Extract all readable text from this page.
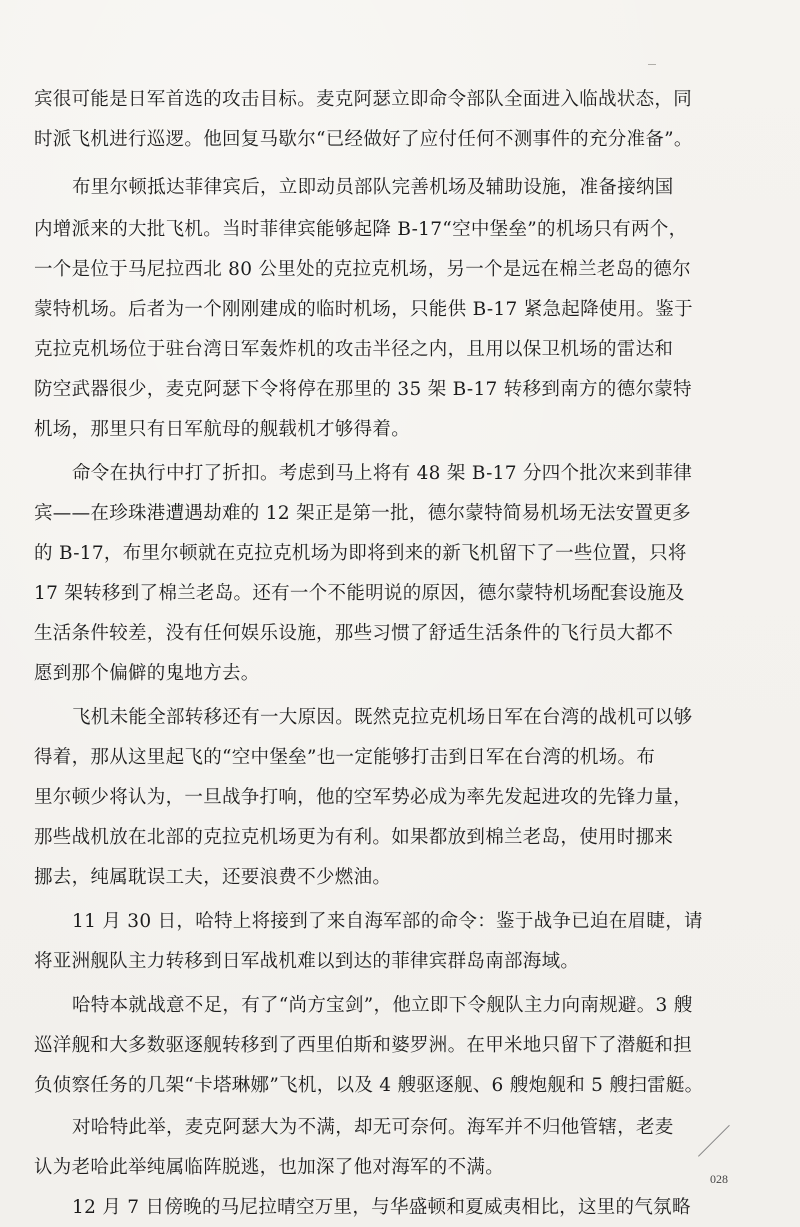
028
宾很可能是日军首选的攻击目标。麦克阿瑟立即命令部队全面进入临战状态，同
时派飞机进行巡逻。他回复马歇尔“已经做好了应付任何不测事件的充分准备”。
布里尔顿抵达菲律宾后，立即动员部队完善机场及辅助设施，准备接纳国
内增派来的大批飞机。当时菲律宾能够起降 B-17“空中堡垒”的机场只有两个，
一个是位于马尼拉西北 80 公里处的克拉克机场，另一个是远在棉兰老岛的德尔
蒙特机场。后者为一个刚刚建成的临时机场，只能供 B-17 紧急起降使用。鉴于
克拉克机场位于驻台湾日军轰炸机的攻击半径之内，且用以保卫机场的雷达和
防空武器很少，麦克阿瑟下令将停在那里的 35 架 B-17 转移到南方的德尔蒙特
机场，那里只有日军航母的舰载机才够得着。
命令在执行中打了折扣。考虑到马上将有 48 架 B-17 分四个批次来到菲律
宾——在珍珠港遭遇劫难的 12 架正是第一批，德尔蒙特简易机场无法安置更多
的 B-17，布里尔顿就在克拉克机场为即将到来的新飞机留下了一些位置，只将
17 架转移到了棉兰老岛。还有一个不能明说的原因，德尔蒙特机场配套设施及
生活条件较差，没有任何娱乐设施，那些习惯了舒适生活条件的飞行员大都不
愿到那个偏僻的鬼地方去。
飞机未能全部转移还有一大原因。既然克拉克机场日军在台湾的战机可以够
得着，那从这里起飞的“空中堡垒”也一定能够打击到日军在台湾的机场。布
里尔顿少将认为，一旦战争打响，他的空军势必成为率先发起进攻的先锋力量，
那些战机放在北部的克拉克机场更为有利。如果都放到棉兰老岛，使用时挪来
挪去，纯属耽误工夫，还要浪费不少燃油。
11 月 30 日，哈特上将接到了来自海军部的命令：鉴于战争已迫在眉睫，请
将亚洲舰队主力转移到日军战机难以到达的菲律宾群岛南部海域。
哈特本就战意不足，有了“尚方宝剑”，他立即下令舰队主力向南规避。3 艘
巡洋舰和大多数驱逐舰转移到了西里伯斯和婆罗洲。在甲米地只留下了潜艇和担
负侦察任务的几架“卡塔琳娜”飞机，以及 4 艘驱逐舰、6 艘炮舰和 5 艘扫雷艇。
对哈特此举，麦克阿瑟大为不满，却无可奈何。海军并不归他管辖，老麦
认为老哈此举纯属临阵脱逃，也加深了他对海军的不满。
12 月 7 日傍晚的马尼拉晴空万里，与华盛顿和夏威夷相比，这里的气氛略
